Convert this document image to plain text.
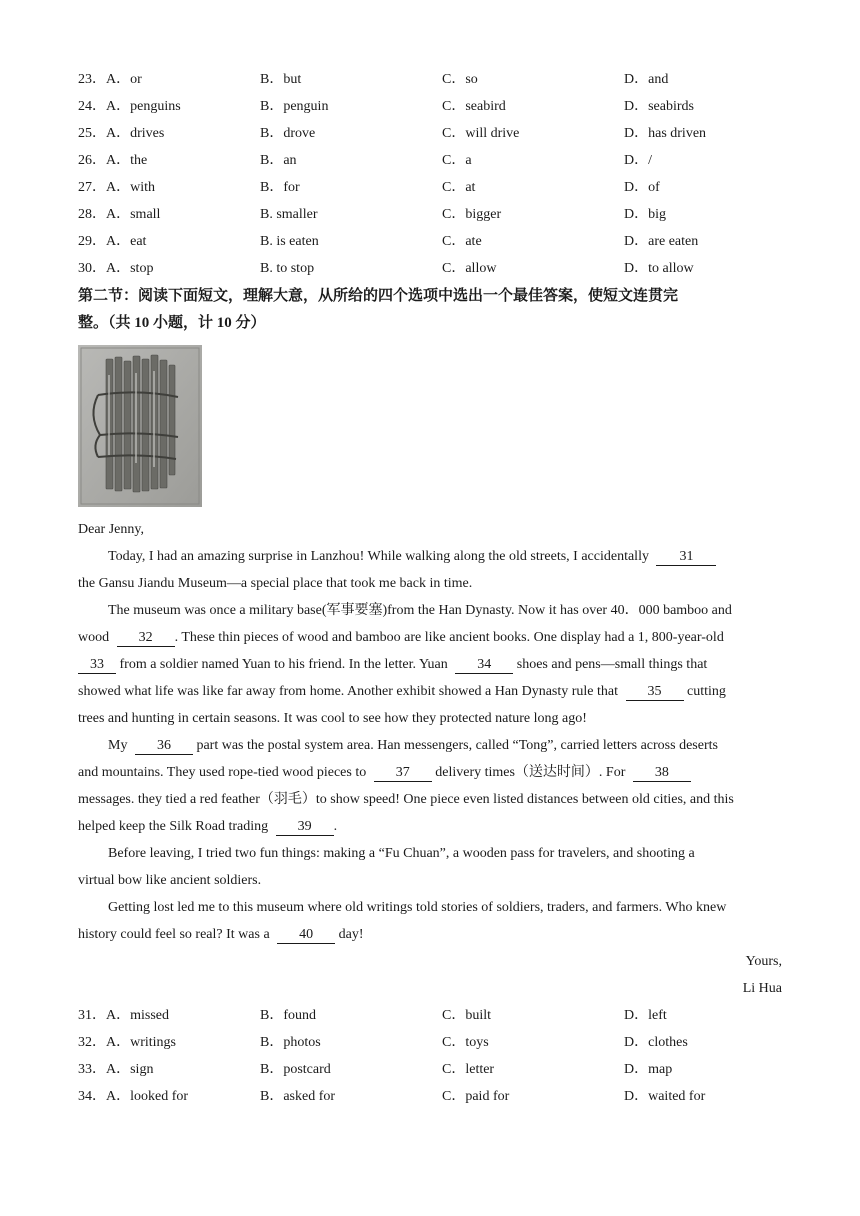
23．A．or	B．but	C．so	D．and
24．A．penguins	B．penguin	C．seabird	D．seabirds
25．A．drives	B．drove	C．will drive	D．has driven
26．A．the	B．an	C．a	D．/
27．A．with	B．for	C．at	D．of
28．A．small	B. smaller	C．bigger	D．big
29．A．eat	B. is eaten	C．ate	D．are eaten
30．A．stop	B. to stop	C．allow	D．to allow
第二节：阅读下面短文，理解大意，从所给的四个选项中选出一个最佳答案，使短文连贯完
整。（共 10 小题，计 10 分）
Dear Jenny,
Today, I had an amazing surprise in Lanzhou! While walking along the old streets, I accidentally 31
the Gansu Jiandu Museum—a special place that took me back in time.
The museum was once a military base(军事要塞)from the Han Dynasty. Now it has over 40．000 bamboo and
wood 32 . These thin pieces of wood and bamboo are like ancient books. One display had a 1, 800-year-old
33 from a soldier named Yuan to his friend. In the letter. Yuan 34 shoes and pens—small things that
showed what life was like far away from home. Another exhibit showed a Han Dynasty rule that 35 cutting
trees and hunting in certain seasons. It was cool to see how they protected nature long ago!
My 36 part was the postal system area. Han messengers, called “Tong”, carried letters across deserts
and mountains. They used rope-tied wood pieces to 37 delivery times（送达时间）. For 38
messages. they tied a red feather（羽毛）to show speed! One piece even listed distances between old cities, and this
helped keep the Silk Road trading 39 .
Before leaving, I tried two fun things: making a “Fu Chuan”, a wooden pass for travelers, and shooting a
virtual bow like ancient soldiers.
Getting lost led me to this museum where old writings told stories of soldiers, traders, and farmers. Who knew
history could feel so real? It was a 40 day!
Yours,
Li Hua
31．A．missed	B．found	C．built	D．left
32．A．writings	B．photos	C．toys	D．clothes
33．A．sign	B．postcard	C．letter	D．map
34．A．looked for	B．asked for	C．paid for	D．waited for
